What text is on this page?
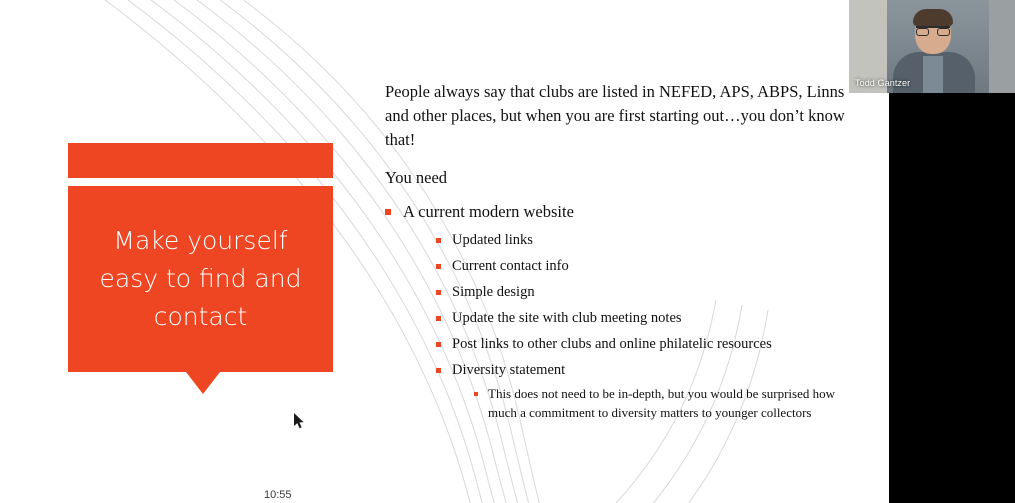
Make yourself easy to find and contact

People always say that clubs are listed in NEFED, APS, ABPS, Linns and other places, but when you are first starting out…you don’t know that!

You need

A current modern website
Updated links
Current contact info
Simple design
Update the site with club meeting notes
Post links to other clubs and online philatelic resources
Diversity statement
This does not need to be in-depth, but you would be surprised how much a commitment to diversity matters to younger collectors
10:55
Todd Gantzer
